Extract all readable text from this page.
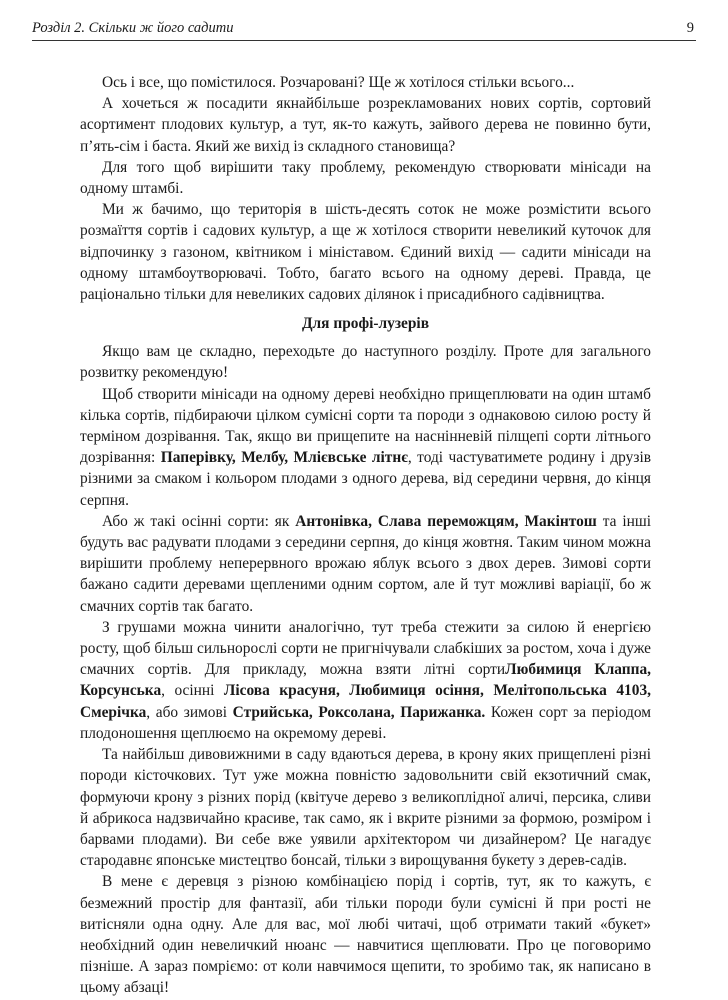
Розділ 2. Скільки ж його садити	9

Ось і все, що помістилося. Розчаровані? Ще ж хотілося стільки всього...

А хочеться ж посадити якнайбільше розрекламованих нових сортів, сортовий асортимент плодових культур, а тут, як-то кажуть, зайвого дерева не повинно бути, п’ять-сім і баста. Який же вихід із складного становища?

Для того щоб вирішити таку проблему, рекомендую створювати мінісади на одному штамбі.

Ми ж бачимо, що територія в шість-десять соток не може розмістити всього розмаїття сортів і садових культур, а ще ж хотілося створити невеликий куточок для відпочинку з газоном, квітником і мініставом. Єдиний вихід — садити мінісади на одному штамбоутворювачі. Тобто, багато всього на одному дереві. Правда, це раціонально тільки для невеликих садових ділянок і присадибного садівництва.

Для профі-лузерів

Якщо вам це складно, переходьте до наступного розділу. Проте для загального розвитку рекомендую!

Щоб створити мінісади на одному дереві необхідно прищеплювати на один штамб кілька сортів, підбираючи цілком сумісні сорти та породи з однаковою силою росту й терміном дозрівання. Так, якщо ви прищепите на наснінневій пілщепі сорти літнього дозрівання: Паперівку, Мелбу, Млієвське літнє, тоді частуватимете родину і друзів різними за смаком і кольором плодами з одного дерева, від середини червня, до кінця серпня.

Або ж такі осінні сорти: як Антонівка, Слава переможцям, Макінтош та інші будуть вас радувати плодами з середини серпня, до кінця жовтня. Таким чином можна вирішити проблему неперервного врожаю яблук всього з двох дерев. Зимові сорти бажано садити деревами щепленими одним сортом, але й тут можливі варіації, бо ж смачних сортів так багато.

З грушами можна чинити аналогічно, тут треба стежити за силою й енергією росту, щоб більш сильнорослі сорти не пригнічували слабкіших за ростом, хоча і дуже смачних сортів. Для прикладу, можна взяти літні сортиЛюбимиця Клаппа, Корсунська, осінні Лісова красуня, Любимиця осіння, Мелітопольська 4103, Смерічка, або зимові Стрийська, Роксолана, Парижанка. Кожен сорт за періодом плодоношення щеплюємо на окремому дереві.

Та найбільш дивовижними в саду вдаються дерева, в крону яких прищеплені різні породи кісточкових. Тут уже можна повністю задовольнити свій екзотичний смак, формуючи крону з різних порід (квітуче дерево з великоплідної аличі, персика, сливи й абрикоса надзвичайно красиве, так само, як і вкрите різними за формою, розміром і барвами плодами). Ви себе вже уявили архітектором чи дизайнером? Це нагадує стародавнє японське мистецтво бонсай, тільки з вирощування букету з дерев-садів.

В мене є деревця з різною комбінацією порід і сортів, тут, як то кажуть, є безмежний простір для фантазії, аби тільки породи були сумісні й при рості не витісняли одна одну. Але для вас, мої любі читачі, щоб отримати такий «букет» необхідний один невеличкий нюанс — навчитися щеплювати. Про це поговоримо пізніше. А зараз помріємо: от коли навчимося щепити, то зробимо так, як написано в цьому абзаці!
